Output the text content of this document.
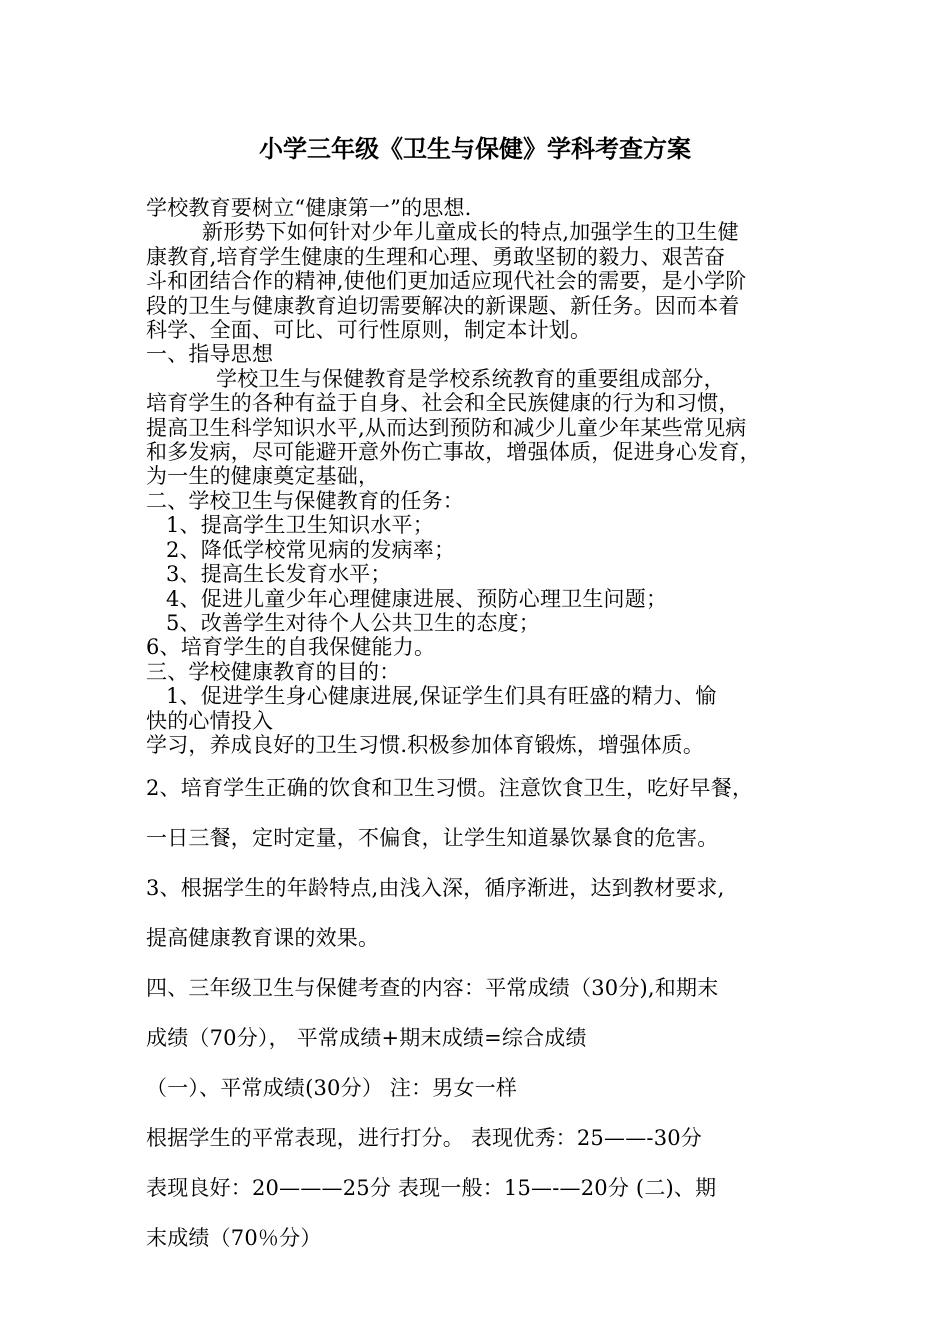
小学三年级《卫生与保健》学科考查方案
学校教育要树立“健康第一”的思想.
新形势下如何针对少年儿童成长的特点,加强学生的卫生健
康教育,培育学生健康的生理和心理、勇敢坚韧的毅力、艰苦奋
斗和团结合作的精神,使他们更加适应现代社会的需要，是小学阶
段的卫生与健康教育迫切需要解决的新课题、新任务。因而本着
科学、全面、可比、可行性原则，制定本计划。
一、指导思想
学校卫生与保健教育是学校系统教育的重要组成部分，
培育学生的各种有益于自身、社会和全民族健康的行为和习惯，
提高卫生科学知识水平,从而达到预防和减少儿童少年某些常见病
和多发病，尽可能避开意外伤亡事故，增强体质，促进身心发育，
为一生的健康奠定基础，
二、学校卫生与保健教育的任务：
1、提高学生卫生知识水平；
2、降低学校常见病的发病率；
3、提高生长发育水平；
4、促进儿童少年心理健康进展、预防心理卫生问题；
5、改善学生对待个人公共卫生的态度；
6、培育学生的自我保健能力。
三、学校健康教育的目的：
1、促进学生身心健康进展,保证学生们具有旺盛的精力、愉
快的心情投入
学习，养成良好的卫生习惯.积极参加体育锻炼，增强体质。
2、培育学生正确的饮食和卫生习惯。注意饮食卫生，吃好早餐，
一日三餐，定时定量，不偏食，让学生知道暴饮暴食的危害。
3、根据学生的年龄特点,由浅入深，循序渐进，达到教材要求,
提高健康教育课的效果。
四、三年级卫生与保健考查的内容：平常成绩（30分),和期末
成绩（70分）， 平常成绩+期末成绩=综合成绩
（一）、平常成绩(30分） 注：男女一样
根据学生的平常表现，进行打分。 表现优秀：25——-30分
表现良好：20———25分 表现一般：15—-—20分 (二)、期
末成绩（70％分）
